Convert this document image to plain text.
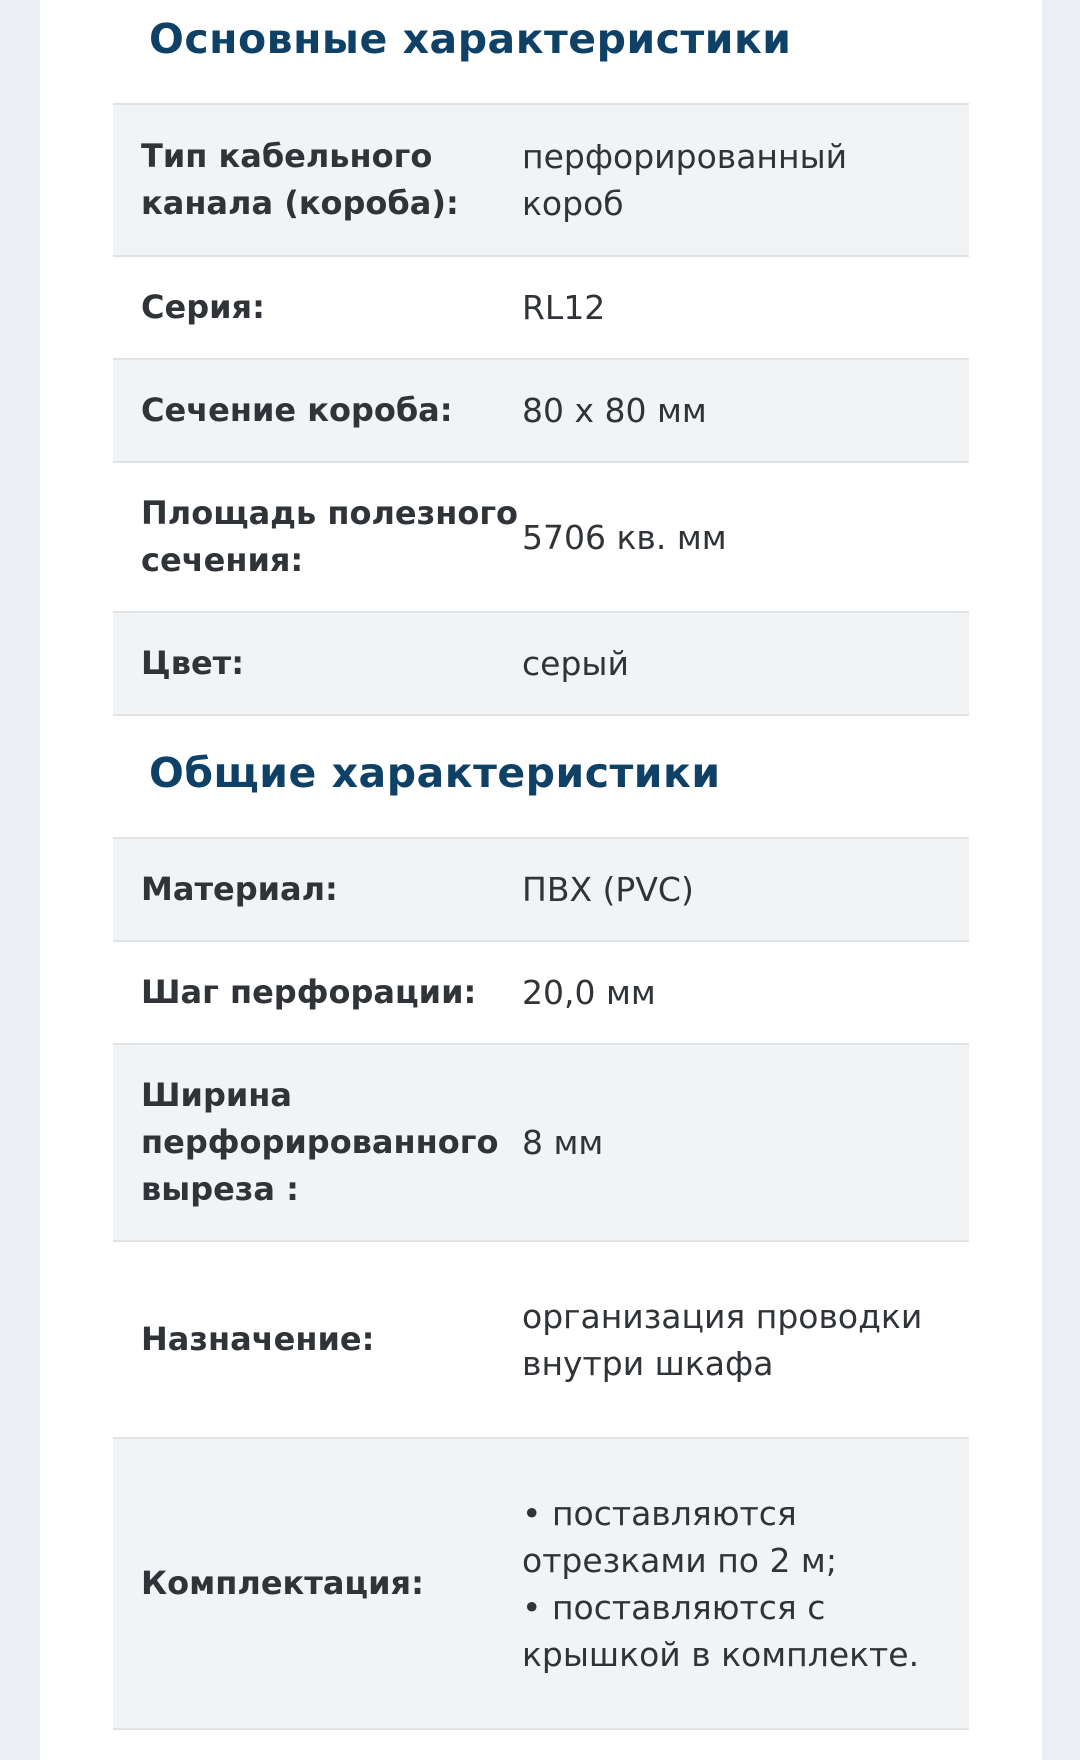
Основные характеристики
Тип кабельного канала (короба):
перфорированный короб
Серия:	RL12
Сечение короба:	80 x 80 мм
Площадь полезного сечения:
5706 кв. мм
Цвет:	серый
Общие характеристики
Материал:	ПВХ (PVC)
Шаг перфорации:	20,0 мм
Ширина перфорированного выреза :
8 мм
Назначение:
организация проводки внутри шкафа
Комплектация:
• поставляются отрезками по 2 м;
• поставляются с крышкой в комплекте.
